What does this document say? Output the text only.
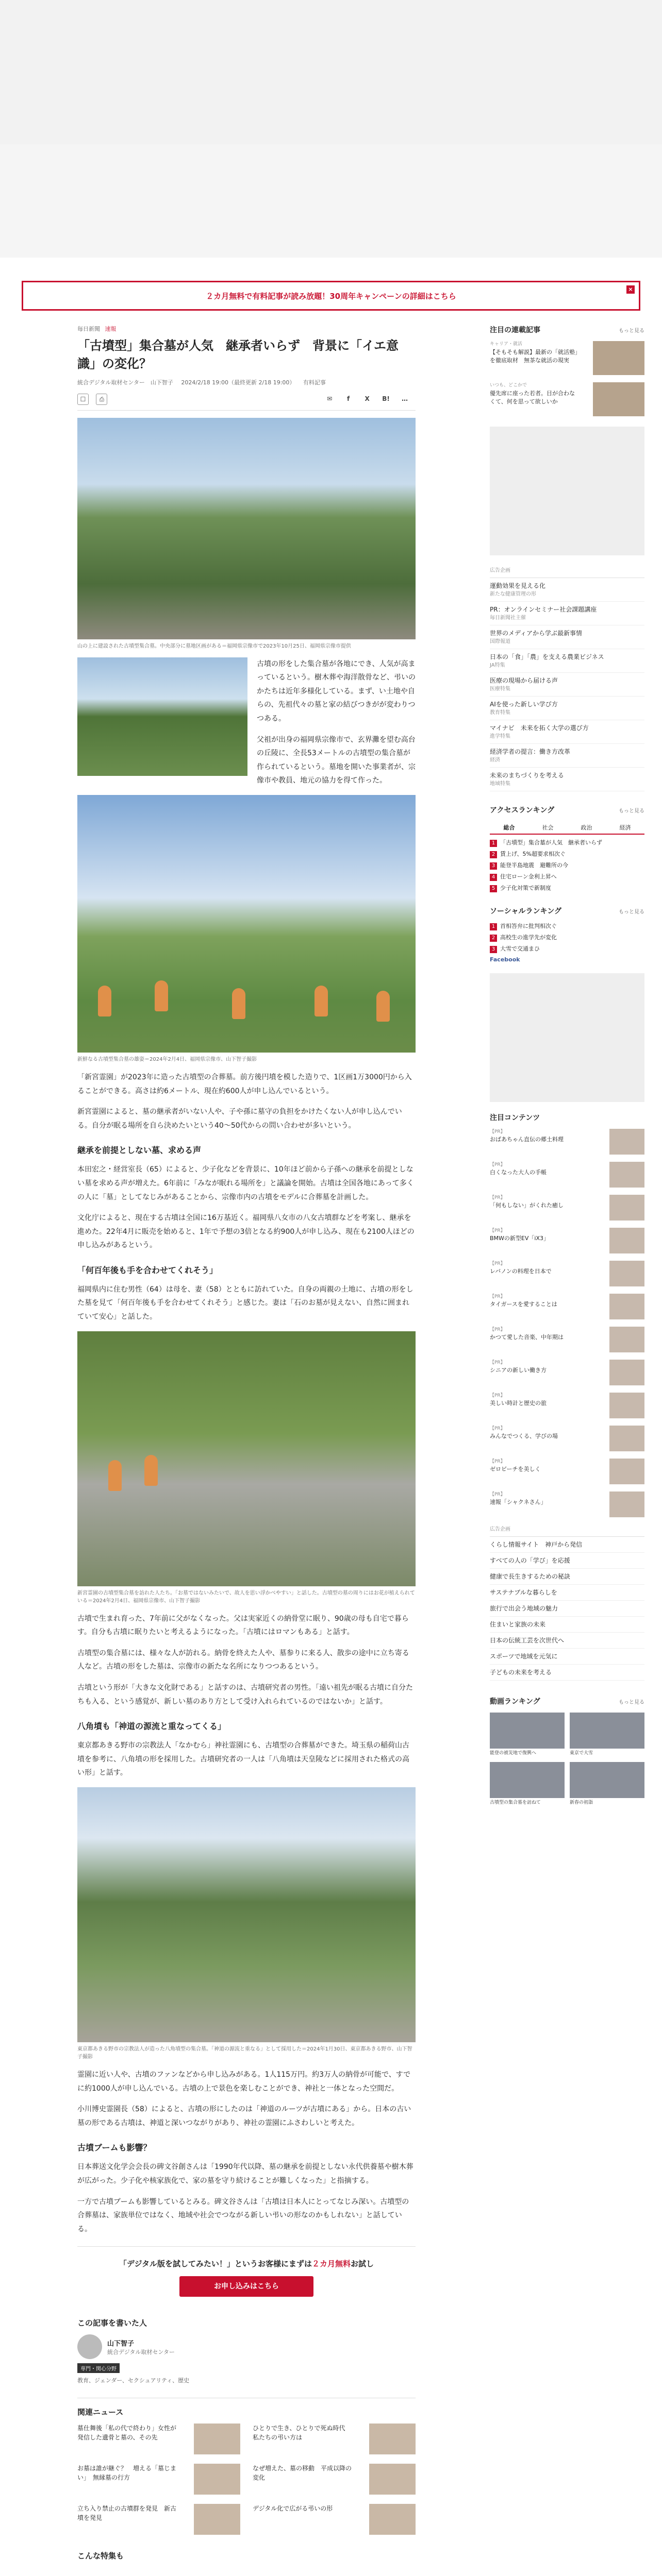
２カ月無料で有料記事が読み放題！30周年キャンペーンの詳細はこちら
×
毎日新聞 速報
「古墳型」集合墓が人気　継承者いらず　背景に「イエ意識」の変化？
統合デジタル取材センター　山下智子 2024/2/18 19:00（最終更新 2/18 19:00） 有料記事
☐ ⎙	✉ f X B! …

山の上に建設された古墳型集合墓。中央部分に墓地区画がある＝福岡県宗像市で2023年10月25日、福岡県宗像市提供

古墳の形をした集合墓が各地にでき、人気が高まっているという。樹木葬や海洋散骨など、弔いのかたちは近年多様化している。まず、い土地や自らの、先祖代々の墓と家の結びつきがが変わりつつある。

父祖が出身の福岡県宗像市で、玄界灘を望む高台の丘陵に、全長53メートルの古墳型の集合墓が作られているという。墓地を開いた事業者が、宗像市や教員、地元の協力を得て作った。

新鮮なる古墳型集合墓の雄姿＝2024年2月4日、福岡県宗像市、山下智子撮影

「新宮霊園」が2023年に造った古墳型の合葬墓。前方後円墳を模した造りで、1区画1万3000円から入ることができる。高さは約6メートル、現在約600人が申し込んでいるという。

新宮霊園によると、墓の継承者がいない人や、子や孫に墓守の負担をかけたくない人が申し込んでいる。自分が眠る場所を自ら決めたいという40〜50代からの問い合わせが多いという。

継承を前提としない墓、求める声

本田宏之・経営室長（65）によると、少子化などを背景に、10年ほど前から子孫への継承を前提としない墓を求める声が増えた。6年前に「みなが眠れる場所を」と議論を開始。古墳は全国各地にあって多くの人に「墓」としてなじみがあることから、宗像市内の古墳をモデルに合葬墓を計画した。

文化庁によると、現在する古墳は全国に16万基近く。福岡県八女市の八女古墳群などを考案し、継承を進めた。22年4月に販売を始めると、1年で予想の3倍となる約900人が申し込み、現在も2100人ほどの申し込みがあるという。

「何百年後も手を合わせてくれそう」

福岡県内に住む男性（64）は母を、妻（58）とともに訪れていた。自身の両親の土地に、古墳の形をした墓を見て「何百年後も手を合わせてくれそう」と感じた。妻は「石のお墓が見えない、自然に囲まれていて安心」と話した。

新宮霊園の古墳型集合墓を訪れた人たち。「お墓ではないみたいで、故人を思い浮かべやすい」と話した。古墳型の墓の周りにはお花が植えられている＝2024年2月4日、福岡県宗像市、山下智子撮影

古墳で生まれ育った、7年前に父がなくなった。父は実家近くの納骨堂に眠り、90歳の母も自宅で暮らす。自分も古墳に眠りたいと考えるようになった。「古墳にはロマンもある」と話す。

古墳型の集合墓には、様々な人が訪れる。納骨を終えた人や、墓参りに来る人、散歩の途中に立ち寄る人など。古墳の形をした墓は、宗像市の新たな名所になりつつあるという。

古墳という形が「大きな文化財である」と話すのは、古墳研究者の男性。「遠い祖先が眠る古墳に自分たちも入る、という感覚が、新しい墓のあり方として受け入れられているのではないか」と話す。

八角墳も「神道の源流と重なってくる」

東京都あきる野市の宗教法人「なかむら」神社霊園にも、古墳型の合葬墓ができた。埼玉県の稲荷山古墳を参考に、八角墳の形を採用した。古墳研究者の一人は「八角墳は天皇陵などに採用された格式の高い形」と話す。

東京都あきる野市の宗教法人が造った八角墳型の集合墓。「神道の源流と重なる」として採用した＝2024年1月30日、東京都あきる野市、山下智子撮影

霊園に近い人や、古墳のファンなどから申し込みがある。1人115万円。約3万人の納骨が可能で、すでに約1000人が申し込んでいる。古墳の上で景色を楽しむことができ、神社と一体となった空間だ。

小川博史霊園長（58）によると、古墳の形にしたのは「神道のルーツが古墳にある」から。日本の古い墓の形である古墳は、神道と深いつながりがあり、神社の霊園にふさわしいと考えた。

古墳ブームも影響？

日本葬送文化学会会長の碑文谷創さんは「1990年代以降、墓の継承を前提としない永代供養墓や樹木葬が広がった。少子化や核家族化で、家の墓を守り続けることが難しくなった」と指摘する。

一方で古墳ブームも影響しているとみる。碑文谷さんは「古墳は日本人にとってなじみ深い。古墳型の合葬墓は、家族単位ではなく、地域や社会でつながる新しい弔いの形なのかもしれない」と話している。

「デジタル版を試してみたい！」というお客様にまずは２カ月無料お試し
お申し込みはこちら
この記事を書いた人
山下智子
統合デジタル取材センター
専門・関心分野
教育、ジェンダー、セクシュアリティ、歴史
関連ニュース
墓仕舞後「私の代で終わり」女性が発信した遺骨と墓の、その先
ひとりで生き、ひとりで死ぬ時代　私たちの弔い方は
お墓は誰が継ぐ？　増える「墓じまい」　無縁墓の行方
なぜ増えた、墓の移動　平成以降の変化
立ち入り禁止の古墳群を発見　新古墳を発見
デジタル化で広がる弔いの形
こんな特集も
注目の連載記事	もっと見る
キャリア・就活
【そもそも解説】最新の「就活塾」を徹底取材　無茶な就活の現実
いつも、どこかで
優先席に座った若者。目が合わなくて、何を思って欲しいか
広告企画
運動効果を見える化
新たな健康管理の形
PR：オンラインセミナー社会課題講座
毎日新聞社主催
世界のメディアから学ぶ最新事情
国際報道
日本の「食」「農」を支える農業ビジネス
JA特集
医療の現場から届ける声
医療特集
AIを使った新しい学び方
教育特集
マイナビ　未来を拓く大学の選び方
進学特集
経済学者の提言：働き方改革
経済
未来のまちづくりを考える
地域特集
アクセスランキング	もっと見る
総合	社会	政治	経済
1 「古墳型」集合墓が人気　継承者いらず
2 賃上げ、5%超要求相次ぐ
3 能登半島地震　避難所の今
4 住宅ローン金利上昇へ
5 少子化対策で新制度
ソーシャルランキング	もっと見る
1 首相答弁に批判相次ぐ
2 高校生の進学先が変化
3 大雪で交通まひ
Facebook
注目コンテンツ
【PR】
おばあちゃん直伝の郷土料理
【PR】
白くなった大人の手帳
【PR】
「何もしない」がくれた癒し
【PR】
BMWの新型EV「iX3」
【PR】
レバノンの料理を日本で
【PR】
タイガースを愛することは
【PR】
かつて愛した音楽、中年期は
【PR】
シニアの新しい働き方
【PR】
美しい時計と歴史の旅
【PR】
みんなでつくる、学びの場
【PR】
ゼロビーチを美しく
【PR】
速報「シャクネさん」
広告企画
くらし情報サイト　神戸から発信
すべての人の「学び」を応援
健康で長生きするための秘訣
サステナブルな暮らしを
旅行で出会う地域の魅力
住まいと家族の未来
日本の伝統工芸を次世代へ
スポーツで地域を元気に
子どもの未来を考える
動画ランキング	もっと見る
能登の被災地で復興へ	東京で大雪
古墳型の集合墓を訪ねて	新春の初詣
